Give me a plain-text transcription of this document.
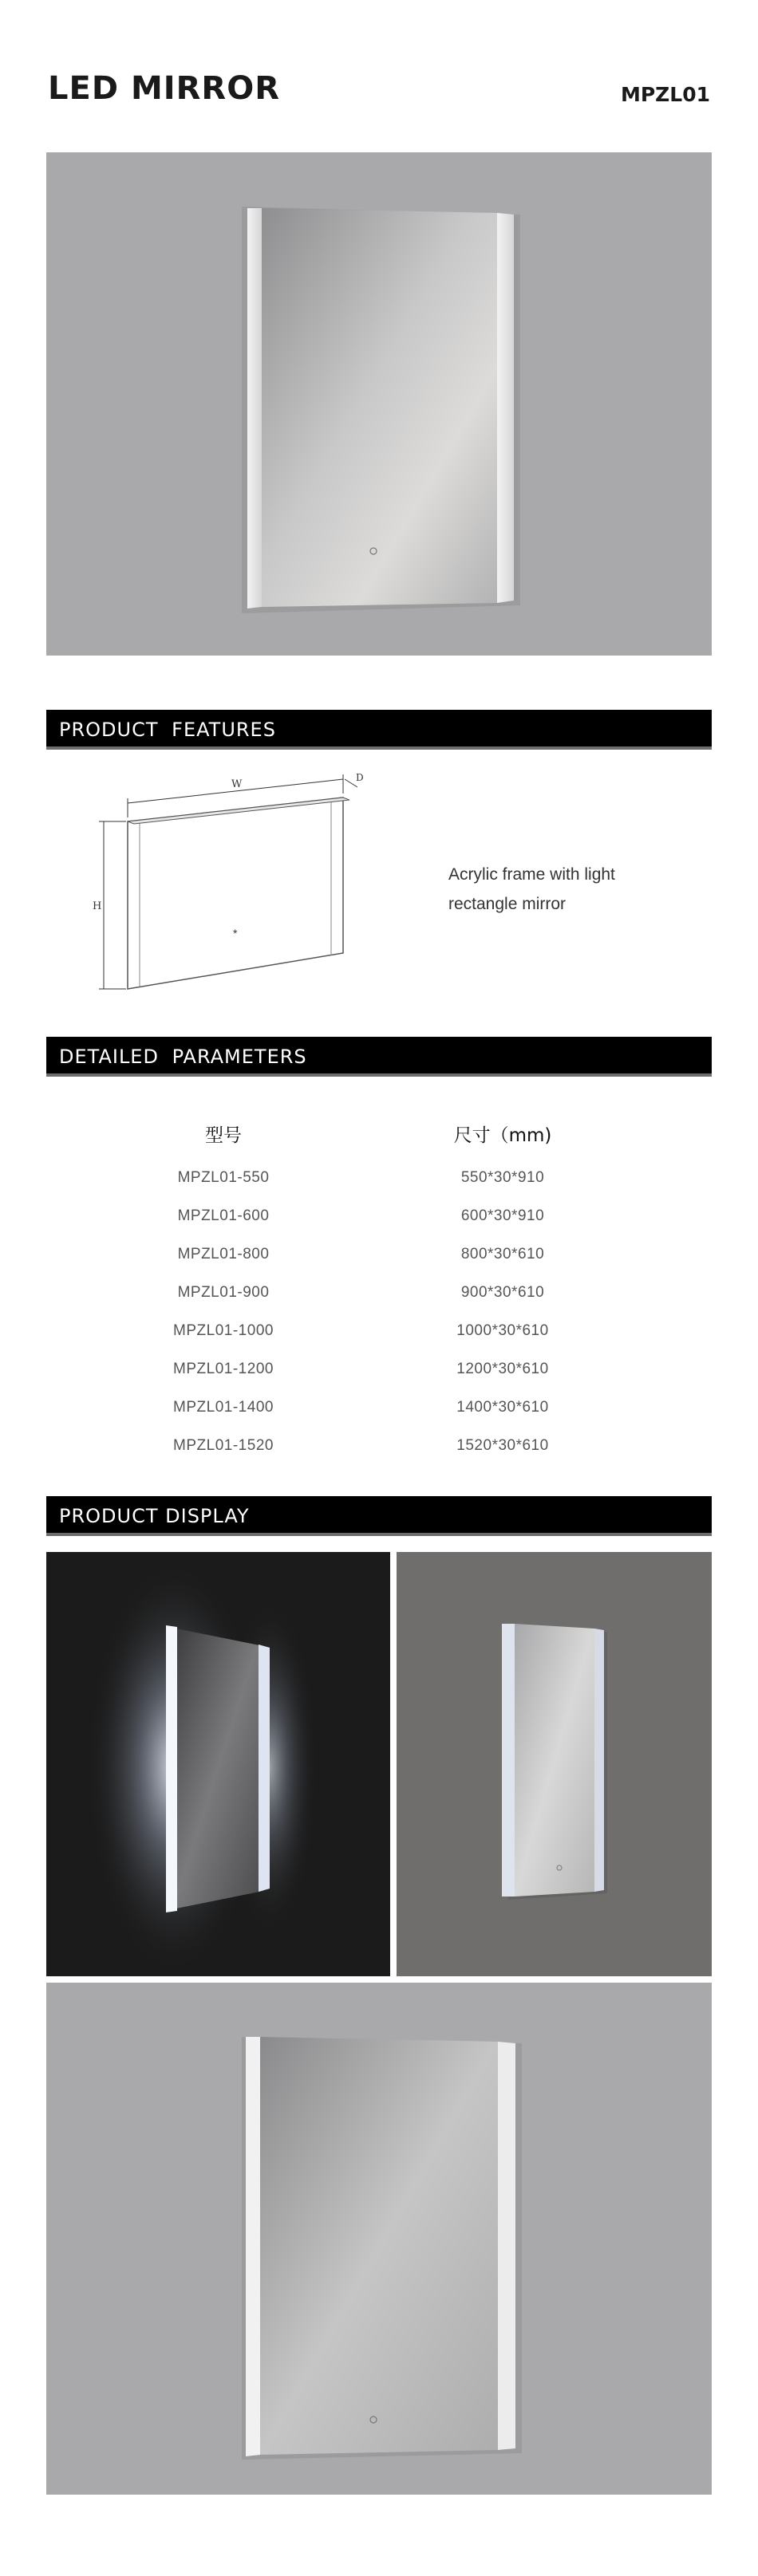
LED MIRROR	MPZL01
PRODUCT FEATURES
W
D
H
*
Acrylic frame with light
rectangle mirror
DETAILED PARAMETERS
型号	尺寸（mm)
MPZL01-550	550*30*910
MPZL01-600	600*30*910
MPZL01-800	800*30*610
MPZL01-900	900*30*610
MPZL01-1000	1000*30*610
MPZL01-1200	1200*30*610
MPZL01-1400	1400*30*610
MPZL01-1520	1520*30*610
PRODUCT DISPLAY
